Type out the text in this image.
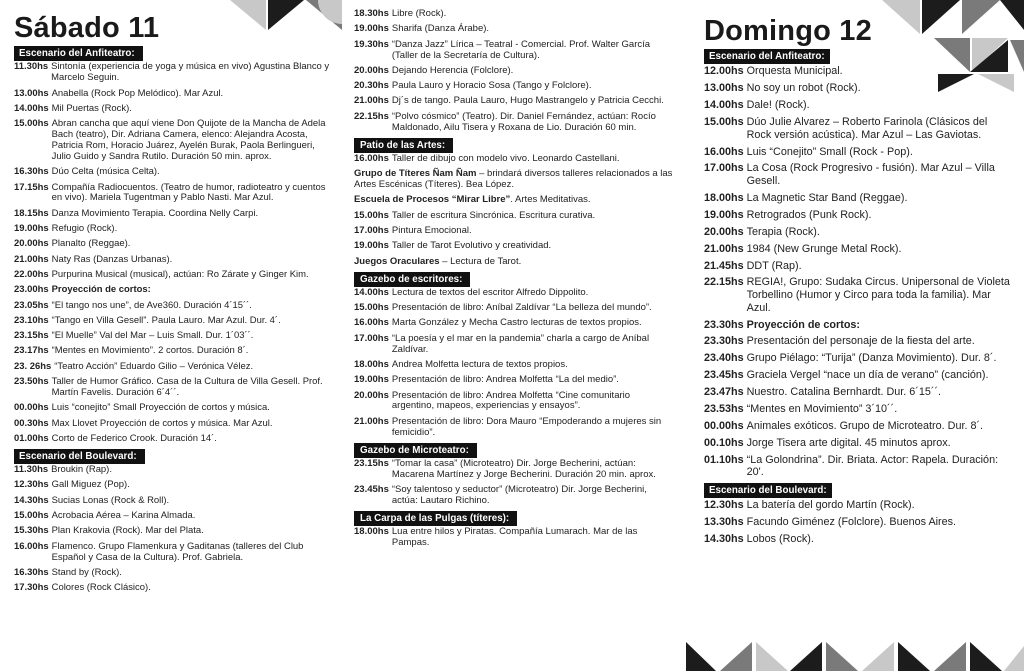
Sábado 11
Escenario del Anfiteatro:
11.30hs Sintonía (experiencia de yoga y música en vivo) Agustina Blanco y Marcelo Seguin.
13.00hs Anabella (Rock Pop Melódico). Mar Azul.
14.00hs Mil Puertas (Rock).
15.00hs Abran cancha que aquí viene Don Quijote de la Mancha de Adela Bach (teatro), Dir. Adriana Camera, elenco: Alejandra Acosta, Patricia Rom, Horacio Juárez, Ayelén Burak, Paola Berlingueri, Julio Guido y Sandra Rutilo. Duración 50 min. aprox.
16.30hs Dúo Celta (música Celta).
17.15hs Compañía Radiocuentos. (Teatro de humor, radioteatro y cuentos en vivo). Mariela Tugentman y Pablo Nasti. Mar Azul.
18.15hs Danza Movimiento Terapia. Coordina Nelly Carpi.
19.00hs Refugio (Rock).
20.00hs Planalto (Reggae).
21.00hs Naty Ras (Danzas Urbanas).
22.00hs Purpurina Musical (musical), actúan: Ro Zárate y Ginger Kim.
23.00hs Proyección de cortos:
23.05hs “El tango nos une”, de Ave360. Duración 4´15´´.
23.10hs “Tango en Villa Gesell”. Paula Lauro. Mar Azul. Dur. 4´.
23.15hs “El Muelle” Val del Mar – Luis Small. Dur. 1´03´´.
23.17hs “Mentes en Movimiento”. 2 cortos. Duración 8´.
23. 26hs “Teatro Acción” Eduardo Gilio – Verónica Vélez.
23.50hs Taller de Humor Gráfico. Casa de la Cultura de Villa Gesell. Prof. Martín Favelis. Duración 6´4´´.
00.00hs Luis “conejito” Small Proyección de cortos y música.
00.30hs Max Llovet Proyección de cortos y música. Mar Azul.
01.00hs Corto de Federico Crook. Duración 14´.
Escenario del Boulevard:
11.30hs Broukin (Rap).
12.30hs Gall Miguez (Pop).
14.30hs Sucias Lonas (Rock & Roll).
15.00hs Acrobacia Aérea – Karina Almada.
15.30hs Plan Krakovia (Rock). Mar del Plata.
16.00hs Flamenco. Grupo Flamenkura y Gaditanas (talleres del Club Español y Casa de la Cultura). Prof. Gabriela.
16.30hs Stand by (Rock).
17.30hs Colores (Rock Clásico).
18.30hs Libre (Rock).
19.00hs Sharifa (Danza Árabe).
19.30hs “Danza Jazz” Lírica – Teatral - Comercial. Prof. Walter García (Taller de la Secretaría de Cultura).
20.00hs Dejando Herencia (Folclore).
20.30hs Paula Lauro y Horacio Sosa (Tango y Folclore).
21.00hs Dj´s de tango. Paula Lauro, Hugo Mastrangelo y Patricia Cecchi.
22.15hs “Polvo cósmico” (Teatro). Dir. Daniel Fernández, actúan: Rocío Maldonado, Ailu Tisera y Roxana de Lio. Duración 60 min.
Patio de las Artes:
16.00hs Taller de dibujo con modelo vivo. Leonardo Castellani.
Grupo de Títeres Ñam Ñam – brindará diversos talleres relacionados a las Artes Escénicas (Títeres). Bea López.
Escuela de Procesos “Mirar Libre”. Artes Meditativas.
15.00hs Taller de escritura Sincrónica. Escritura curativa.
17.00hs Pintura Emocional.
19.00hs Taller de Tarot Evolutivo y creatividad.
Juegos Oraculares – Lectura de Tarot.
Gazebo de escritores:
14.00hs Lectura de textos del escritor Alfredo Dippolito.
15.00hs Presentación de libro: Aníbal Zaldívar “La belleza del mundo”.
16.00hs Marta González y Mecha Castro lecturas de textos propios.
17.00hs “La poesía y el mar en la pandemia” charla a cargo de Aníbal Zaldívar.
18.00hs Andrea Molfetta lectura de textos propios.
19.00hs Presentación de libro: Andrea Molfetta “La del medio”.
20.00hs Presentación de libro: Andrea Molfetta “Cine comunitario argentino, mapeos, experiencias y ensayos”.
21.00hs Presentación de libro: Dora Mauro “Empoderando a mujeres sin femicidio”.
Gazebo de Microteatro:
23.15hs “Tomar la casa” (Microteatro) Dir. Jorge Becherini, actúan: Macarena Martínez y Jorge Becherini. Duración 20 min. aprox.
23.45hs “Soy talentoso y seductor” (Microteatro) Dir. Jorge Becherini, actúa: Lautaro Richino.
La Carpa de las Pulgas (títeres):
18.00hs Lua entre hilos y Piratas. Compañía Lumarach. Mar de las Pampas.
Domingo 12
Escenario del Anfiteatro:
12.00hs Orquesta Municipal.
13.00hs No soy un robot (Rock).
14.00hs Dale! (Rock).
15.00hs Dúo Julie Alvarez – Roberto Farinola (Clásicos del Rock versión acústica). Mar Azul – Las Gaviotas.
16.00hs Luis “Conejito” Small (Rock - Pop).
17.00hs La Cosa (Rock Progresivo - fusión). Mar Azul – Villa Gesell.
18.00hs La Magnetic Star Band (Reggae).
19.00hs Retrogrados (Punk Rock).
20.00hs Terapia (Rock).
21.00hs 1984 (New Grunge Metal Rock).
21.45hs DDT (Rap).
22.15hs REGIA!, Grupo: Sudaka Circus. Unipersonal de Violeta Torbellino (Humor y Circo para toda la familia). Mar Azul.
23.30hs Proyección de cortos:
23.30hs Presentación del personaje de la fiesta del arte.
23.40hs Grupo Piélago: “Turija” (Danza Movimiento). Dur. 8´.
23.45hs Graciela Vergel “nace un día de verano” (canción).
23.47hs Nuestro. Catalina Bernhardt. Dur. 6´15´´.
23.53hs “Mentes en Movimiento” 3´10´´.
00.00hs Animales exóticos. Grupo de Microteatro. Dur. 8´.
00.10hs Jorge Tisera arte digital. 45 minutos aprox.
01.10hs “La Golondrina”. Dir. Briata. Actor: Rapela. Duración: 20'.
Escenario del Boulevard:
12.30hs La batería del gordo Martín (Rock).
13.30hs Facundo Giménez (Folclore). Buenos Aires.
14.30hs Lobos (Rock).
